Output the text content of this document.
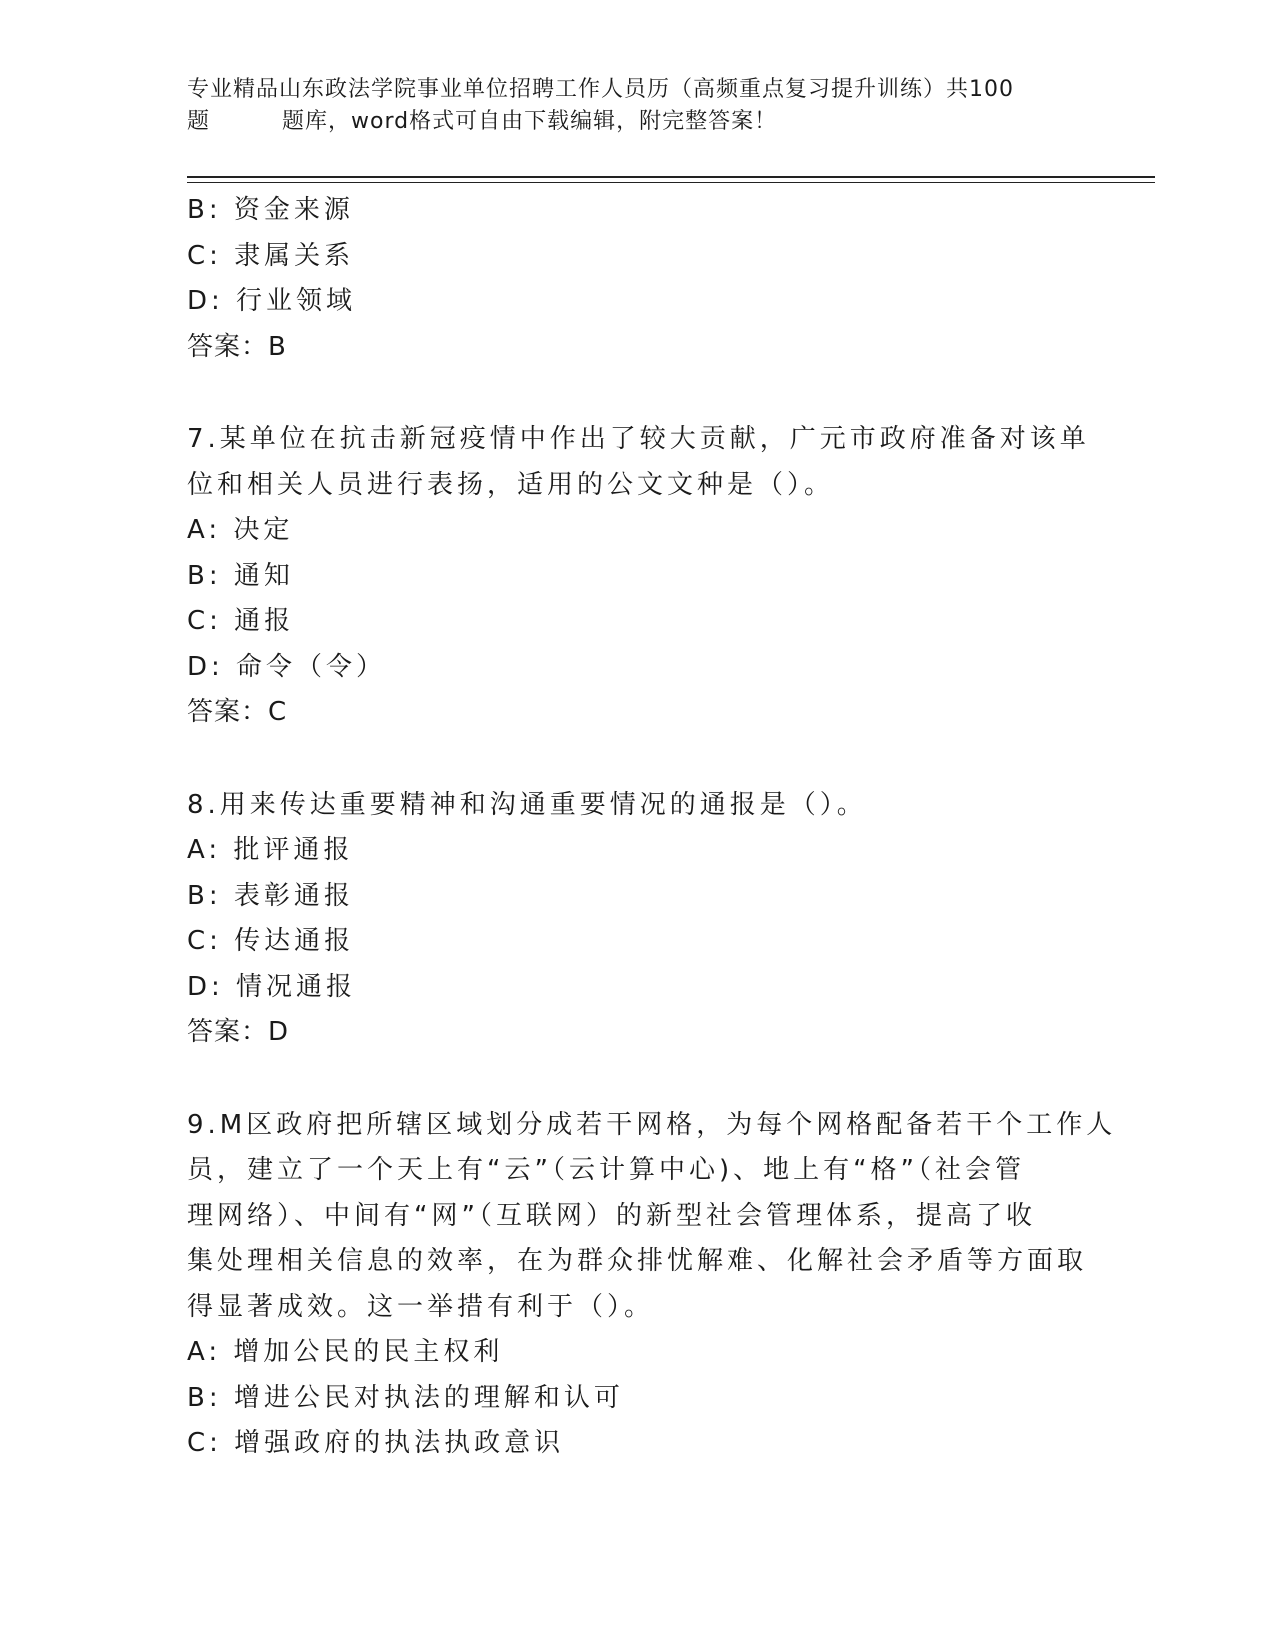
专业精品山东政法学院事业单位招聘工作人员历（高频重点复习提升训练）共100
题	题库，word格式可自由下载编辑，附完整答案！
B: 资金来源
C: 隶属关系
D: 行业领域
答案：B
7.某单位在抗击新冠疫情中作出了较大贡献，广元市政府准备对该单
位和相关人员进行表扬，适用的公文文种是（）。
A: 决定
B: 通知
C: 通报
D: 命令（令）
答案：C
8.用来传达重要精神和沟通重要情况的通报是（）。
A: 批评通报
B: 表彰通报
C: 传达通报
D: 情况通报
答案：D
9.M区政府把所辖区域划分成若干网格，为每个网格配备若干个工作人
员，建立了一个天上有“云”（云计算中心)、地上有“格”（社会管
理网络）、中间有“网”（互联网）的新型社会管理体系，提高了收
集处理相关信息的效率，在为群众排忧解难、化解社会矛盾等方面取
得显著成效。这一举措有利于（）。
A: 增加公民的民主权利
B: 增进公民对执法的理解和认可
C: 增强政府的执法执政意识
